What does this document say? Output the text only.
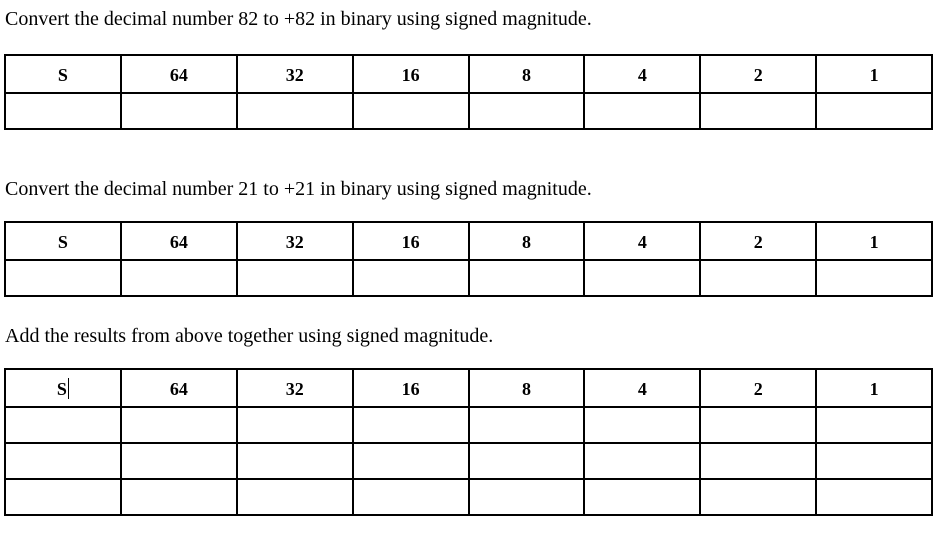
Convert the decimal number 82 to +82 in binary using signed magnitude.

S	64	32	16	8	4	2	1

Convert the decimal number 21 to +21 in binary using signed magnitude.

S	64	32	16	8	4	2	1

Add the results from above together using signed magnitude.

S	64	32	16	8	4	2	1
